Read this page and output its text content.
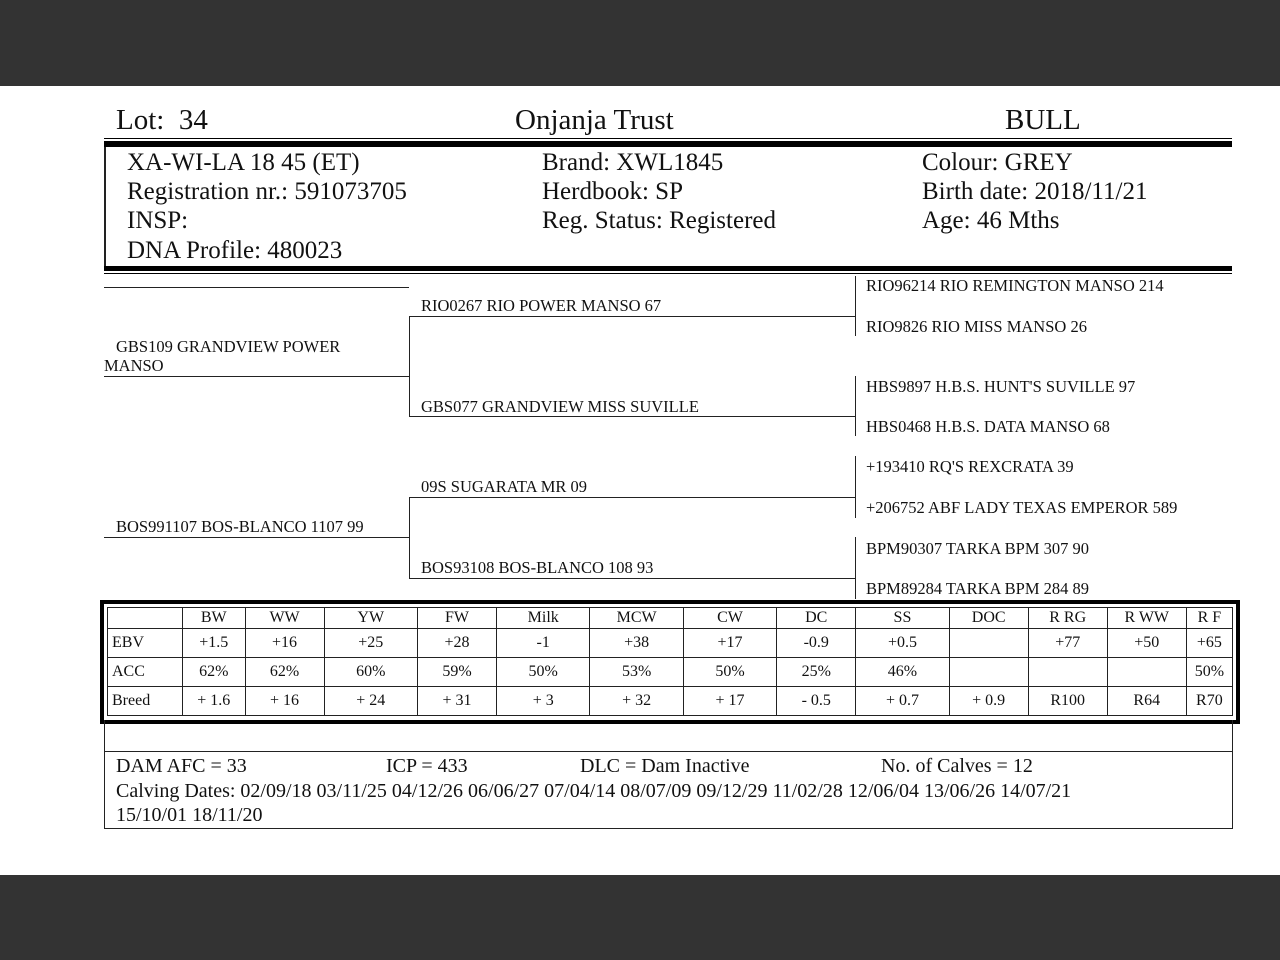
Lot: 34	Onjanja Trust	BULL
XA-WI-LA 18 45 (ET)
Registration nr.: 591073705
INSP:
DNA Profile: 480023
Brand: XWL1845
Herdbook: SP
Reg. Status: Registered
Colour: GREY
Birth date: 2018/11/21
Age: 46 Mths
GBS109 GRANDVIEW POWER
MANSO
BOS991107 BOS-BLANCO 1107 99
RIO0267 RIO POWER MANSO 67
GBS077 GRANDVIEW MISS SUVILLE
09S SUGARATA MR 09
BOS93108 BOS-BLANCO 108 93
RIO96214 RIO REMINGTON MANSO 214
RIO9826 RIO MISS MANSO 26
HBS9897 H.B.S. HUNT'S SUVILLE 97
HBS0468 H.B.S. DATA MANSO 68
+193410 RQ'S REXCRATA 39
+206752 ABF LADY TEXAS EMPEROR 589
BPM90307 TARKA BPM 307 90
BPM89284 TARKA BPM 284 89
	BW	WW	YW	FW	Milk	MCW	CW	DC	SS	DOC	R RG	R WW	R F
EBV	+1.5	+16	+25	+28	-1	+38	+17	-0.9	+0.5		+77	+50	+65
ACC	62%	62%	60%	59%	50%	53%	50%	25%	46%				50%
Breed	+ 1.6	+ 16	+ 24	+ 31	+ 3	+ 32	+ 17	- 0.5	+ 0.7	+ 0.9	R100	R64	R70
DAM AFC = 33	ICP = 433	DLC = Dam Inactive	No. of Calves = 12
Calving Dates: 02/09/18 03/11/25 04/12/26 06/06/27 07/04/14 08/07/09 09/12/29 11/02/28 12/06/04 13/06/26 14/07/21
15/10/01 18/11/20
